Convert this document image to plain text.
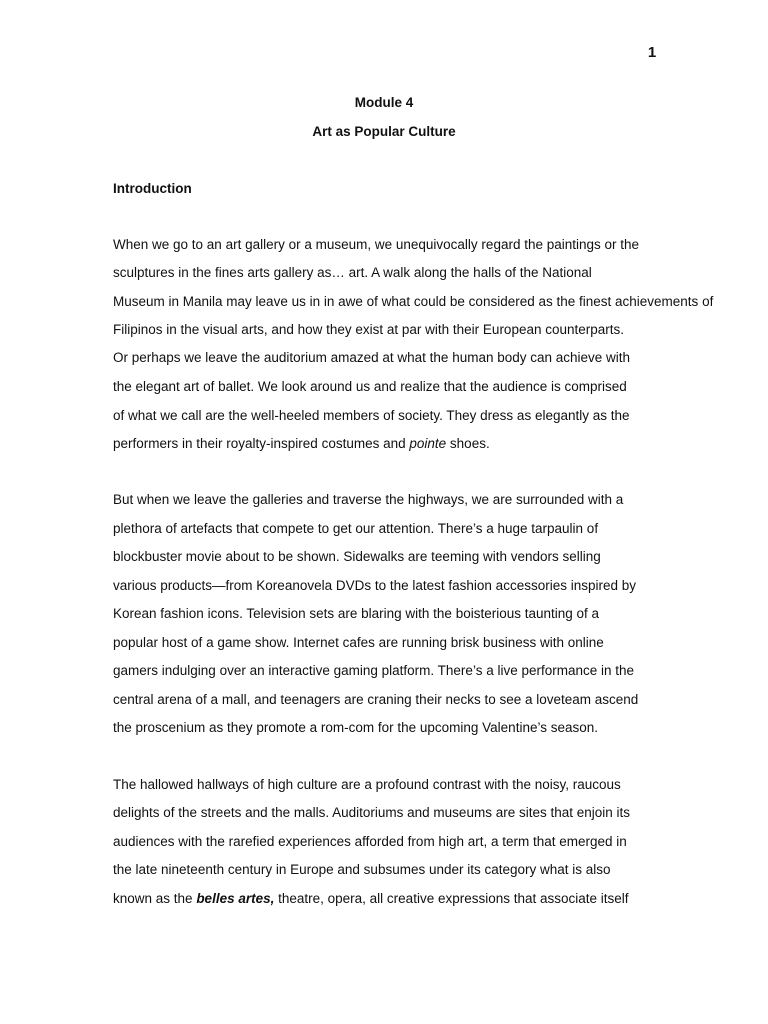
1
Module 4
Art as Popular Culture
Introduction
When we go to an art gallery or a museum, we unequivocally regard the paintings or the
sculptures in the fines arts gallery as… art. A walk along the halls of the National
Museum in Manila may leave us in in awe of what could be considered as the finest achievements of
Filipinos in the visual arts, and how they exist at par with their European counterparts.
Or perhaps we leave the auditorium amazed at what the human body can achieve with
the elegant art of ballet. We look around us and realize that the audience is comprised
of what we call are the well-heeled members of society. They dress as elegantly as the
performers in their royalty-inspired costumes and pointe shoes.
But when we leave the galleries and traverse the highways, we are surrounded with a
plethora of artefacts that compete to get our attention. There’s a huge tarpaulin of
blockbuster movie about to be shown. Sidewalks are teeming with vendors selling
various products—from Koreanovela DVDs to the latest fashion accessories inspired by
Korean fashion icons. Television sets are blaring with the boisterious taunting of a
popular host of a game show. Internet cafes are running brisk business with online
gamers indulging over an interactive gaming platform. There’s a live performance in the
central arena of a mall, and teenagers are craning their necks to see a loveteam ascend
the proscenium as they promote a rom-com for the upcoming Valentine’s season.
The hallowed hallways of high culture are a profound contrast with the noisy, raucous
delights of the streets and the malls. Auditoriums and museums are sites that enjoin its
audiences with the rarefied experiences afforded from high art, a term that emerged in
the late nineteenth century in Europe and subsumes under its category what is also
known as the belles artes, theatre, opera, all creative expressions that associate itself
